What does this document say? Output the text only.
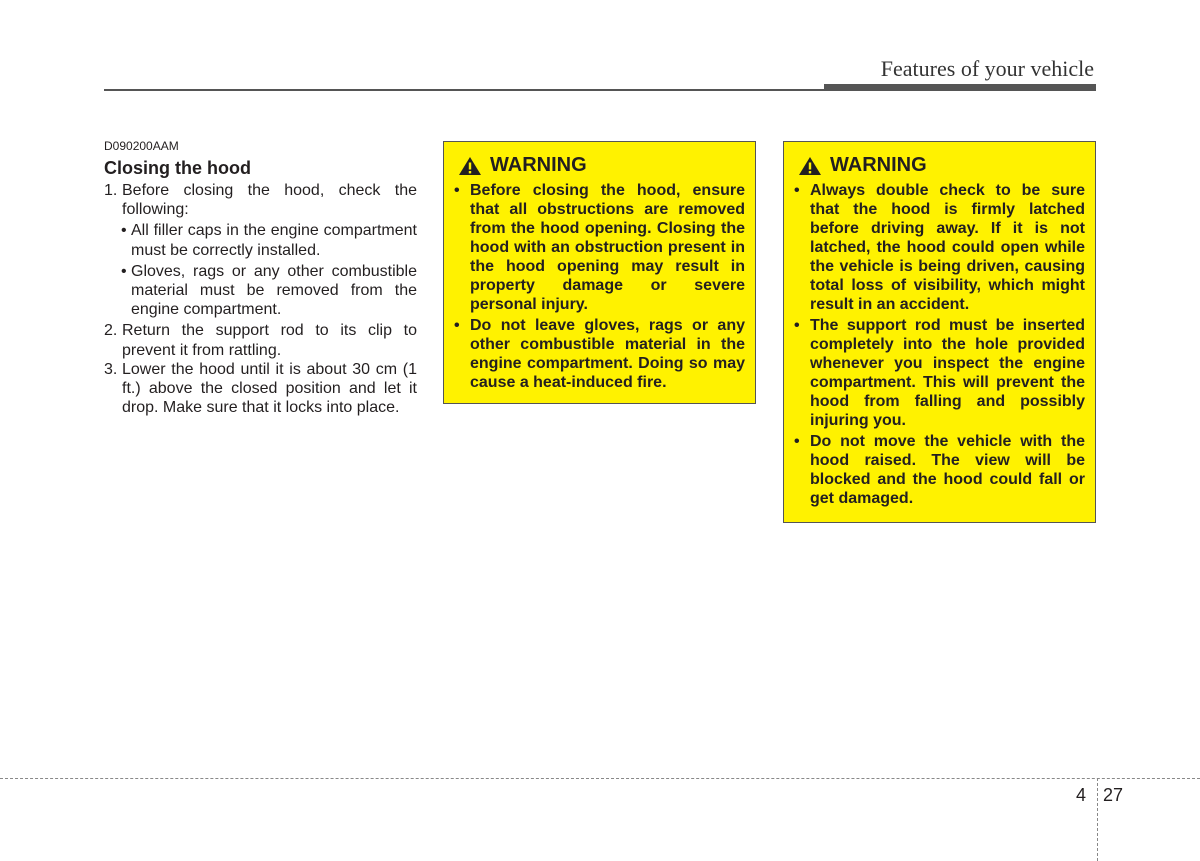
Features of your vehicle
D090200AAM
Closing the hood
1. Before closing the hood, check the following:
• All filler caps in the engine compartment must be correctly installed.
• Gloves, rags or any other combustible material must be removed from the engine compartment.
2. Return the support rod to its clip to prevent it from rattling.
3. Lower the hood until it is about 30 cm (1 ft.) above the closed position and let it drop. Make sure that it locks into place.
WARNING
• Before closing the hood, ensure that all obstructions are removed from the hood opening. Closing the hood with an obstruction present in the hood opening may result in property damage or severe personal injury.
• Do not leave gloves, rags or any other combustible material in the engine compartment. Doing so may cause a heat-induced fire.
WARNING
• Always double check to be sure that the hood is firmly latched before driving away. If it is not latched, the hood could open while the vehicle is being driven, causing total loss of visibility, which might result in an accident.
• The support rod must be inserted completely into the hole provided whenever you inspect the engine compartment. This will prevent the hood from falling and possibly injuring you.
• Do not move the vehicle with the hood raised. The view will be blocked and the hood could fall or get damaged.
4 27
